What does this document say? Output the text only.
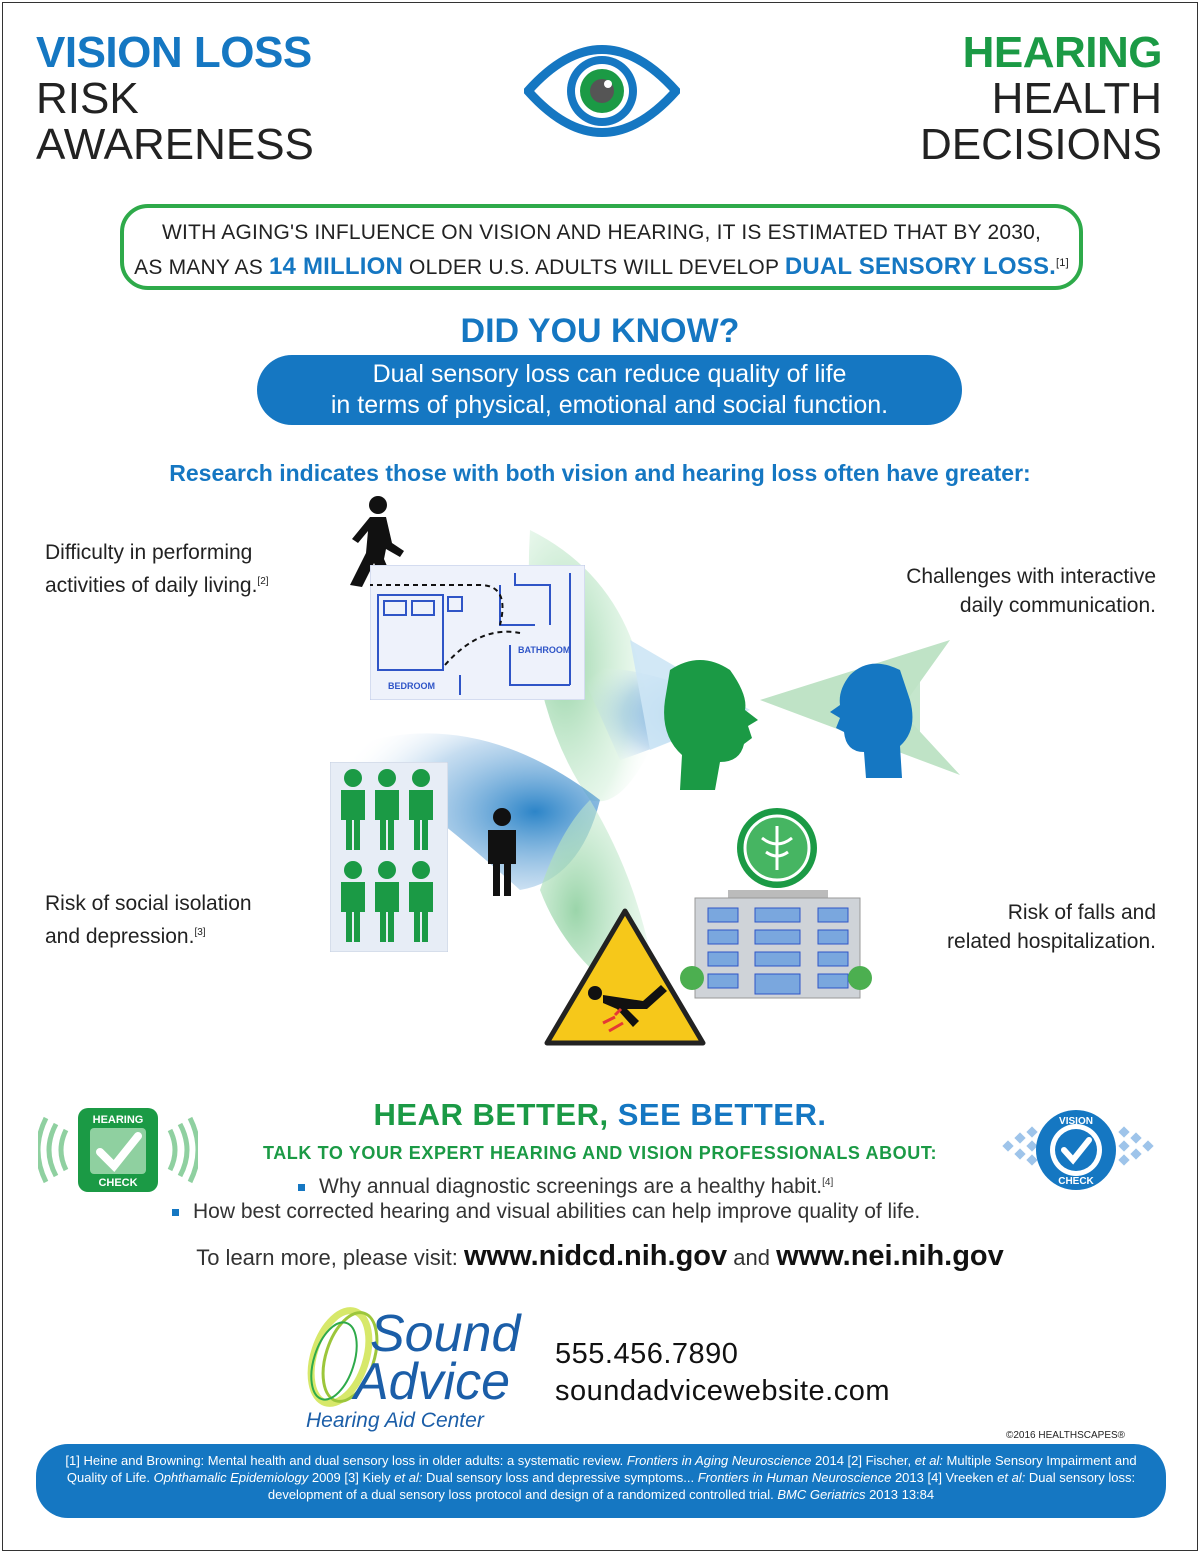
VISION LOSS
RISK
AWARENESS
HEARING
HEALTH
DECISIONS
WITH AGING'S INFLUENCE ON VISION AND HEARING, IT IS ESTIMATED THAT BY 2030,
AS MANY AS 14 MILLION OLDER U.S. ADULTS WILL DEVELOP DUAL SENSORY LOSS.[1]
DID YOU KNOW?
Dual sensory loss can reduce quality of life
in terms of physical, emotional and social function.
Research indicates those with both vision and hearing loss often have greater:
BATHROOM
BEDROOM
Difficulty in performing
activities of daily living.[2]	Challenges with interactive
daily communication.
Risk of social isolation
and depression.[3]
Risk of falls and
related hospitalization.
HEARING
CHECK
VISION
CHECK
HEAR BETTER, SEE BETTER.
TALK TO YOUR EXPERT HEARING AND VISION PROFESSIONALS ABOUT:
Why annual diagnostic screenings are a healthy habit.[4]
How best corrected hearing and visual abilities can help improve quality of life.
To learn more, please visit: www.nidcd.nih.gov and www.nei.nih.gov
Sound
Advice
Hearing Aid Center
555.456.7890
soundadvicewebsite.com
©2016 HEALTHSCAPES®
[1] Heine and Browning: Mental health and dual sensory loss in older adults: a systematic review. Frontiers in Aging Neuroscience 2014 [2] Fischer, et al: Multiple Sensory Impairment and Quality of Life. Ophthamalic Epidemiology 2009 [3] Kiely et al: Dual sensory loss and depressive symptoms... Frontiers in Human Neuroscience 2013 [4] Vreeken et al: Dual sensory loss: development of a dual sensory loss protocol and design of a randomized controlled trial. BMC Geriatrics 2013 13:84
